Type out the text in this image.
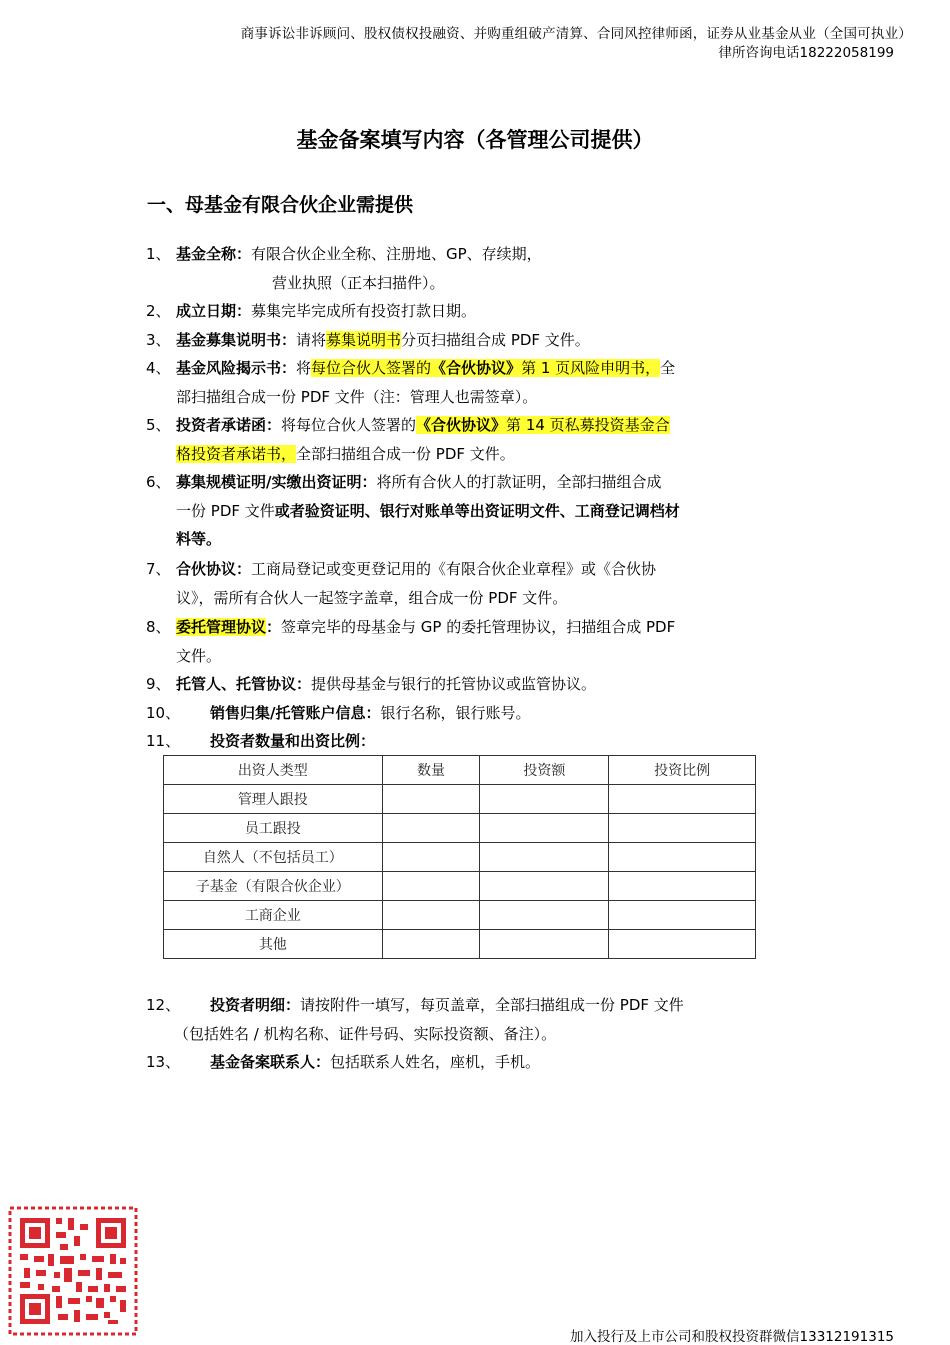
商事诉讼非诉顾问、股权债权投融资、并购重组破产清算、合同风控律师函，证券从业基金从业（全国可执业）
律所咨询电话18222058199
基金备案填写内容（各管理公司提供）
一、母基金有限合伙企业需提供
1、 基金全称：有限合伙企业全称、注册地、GP、存续期，
营业执照（正本扫描件）。
2、 成立日期：募集完毕完成所有投资打款日期。
3、 基金募集说明书：请将募集说明书分页扫描组合成 PDF 文件。
4、 基金风险揭示书：将每位合伙人签署的《合伙协议》第 1 页风险申明书，全
部扫描组合成一份 PDF 文件（注：管理人也需签章）。
5、 投资者承诺函：将每位合伙人签署的《合伙协议》第 14 页私募投资基金合
格投资者承诺书，全部扫描组合成一份 PDF 文件。
6、 募集规模证明/实缴出资证明：将所有合伙人的打款证明，全部扫描组合成
一份 PDF 文件或者验资证明、银行对账单等出资证明文件、工商登记调档材
料等。
7、 合伙协议：工商局登记或变更登记用的《有限合伙企业章程》或《合伙协
议》，需所有合伙人一起签字盖章，组合成一份 PDF 文件。
8、 委托管理协议：签章完毕的母基金与 GP 的委托管理协议，扫描组合成 PDF
文件。
9、 托管人、托管协议：提供母基金与银行的托管协议或监管协议。
10、 销售归集/托管账户信息：银行名称，银行账号。
11、 投资者数量和出资比例：
出资人类型	数量	投资额	投资比例
管理人跟投			
员工跟投			
自然人（不包括员工）			
子基金（有限合伙企业）			
工商企业			
其他			
12、 投资者明细：请按附件一填写，每页盖章，全部扫描组成一份 PDF 文件
（包括姓名 / 机构名称、证件号码、实际投资额、备注）。
13、 基金备案联系人：包括联系人姓名，座机，手机。
加入投行及上市公司和股权投资群微信13312191315
